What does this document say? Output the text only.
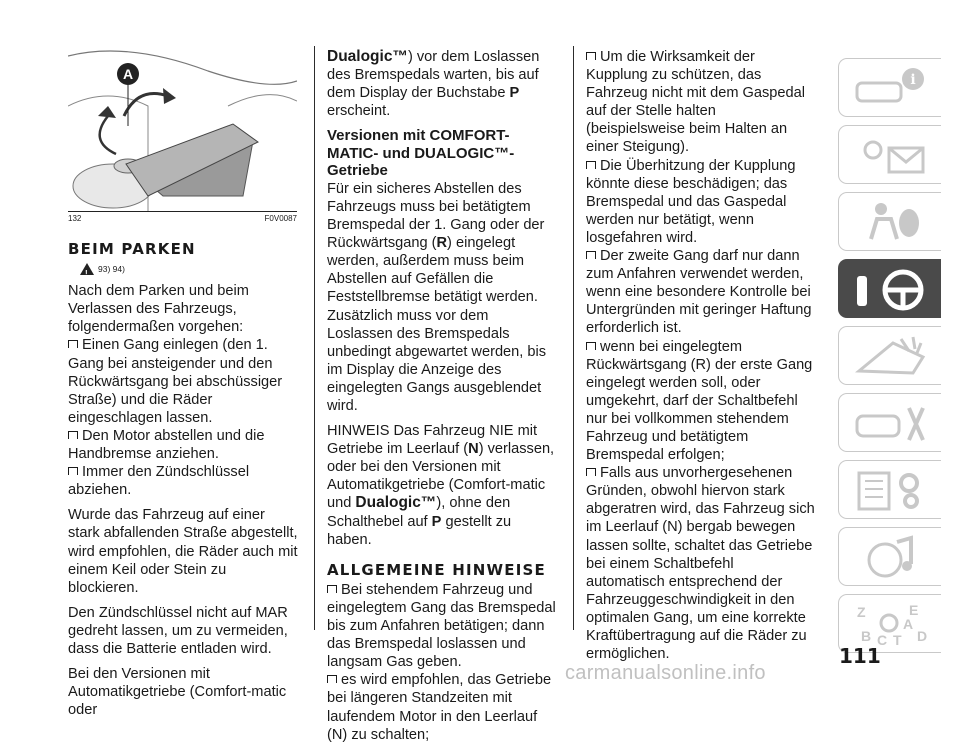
A
132	F0V0087
BEIM PARKEN
!
93) 94)

Nach dem Parken und beim Verlassen des Fahrzeugs, folgendermaßen vorgehen:

Einen Gang einlegen (den 1. Gang bei ansteigender und den Rückwärtsgang bei abschüssiger Straße) und die Räder eingeschlagen lassen.

Den Motor abstellen und die Handbremse anziehen.

Immer den Zündschlüssel abziehen.

Wurde das Fahrzeug auf einer stark abfallenden Straße abgestellt, wird empfohlen, die Räder auch mit einem Keil oder Stein zu blockieren.

Den Zündschlüssel nicht auf MAR gedreht lassen, um zu vermeiden, dass die Batterie entladen wird.

Bei den Versionen mit Automatikgetriebe (Comfort-matic oder

Dualogic™) vor dem Loslassen des Bremspedals warten, bis auf dem Display der Buchstabe P erscheint.

Versionen mit COMFORT-MATIC- und DUALOGIC™-Getriebe

Für ein sicheres Abstellen des Fahrzeugs muss bei betätigtem Bremspedal der 1. Gang oder der Rückwärtsgang (R) eingelegt werden, außerdem muss beim Abstellen auf Gefällen die Feststellbremse betätigt werden. Zusätzlich muss vor dem Loslassen des Bremspedals unbedingt abgewartet werden, bis im Display die Anzeige des eingelegten Gangs ausgeblendet wird.

HINWEIS Das Fahrzeug NIE mit Getriebe im Leerlauf (N) verlassen, oder bei den Versionen mit Automatikgetriebe (Comfort-matic und Dualogic™), ohne den Schalthebel auf P gestellt zu haben.

ALLGEMEINE HINWEISE

Bei stehendem Fahrzeug und eingelegtem Gang das Bremspedal bis zum Anfahren betätigen; dann das Bremspedal loslassen und langsam Gas geben.

es wird empfohlen, das Getriebe bei längeren Standzeiten mit laufendem Motor in den Leerlauf (N) zu schalten;

Um die Wirksamkeit der Kupplung zu schützen, das Fahrzeug nicht mit dem Gaspedal auf der Stelle halten (beispielsweise beim Halten an einer Steigung).

Die Überhitzung der Kupplung könnte diese beschädigen; das Bremspedal und das Gaspedal werden nur betätigt, wenn losgefahren wird.

Der zweite Gang darf nur dann zum Anfahren verwendet werden, wenn eine besondere Kontrolle bei Untergründen mit geringer Haftung erforderlich ist.

wenn bei eingelegtem Rückwärtsgang (R) der erste Gang eingelegt werden soll, oder umgekehrt, darf der Schaltbefehl nur bei vollkommen stehendem Fahrzeug und betätigtem Bremspedal erfolgen;

Falls aus unvorhergesehenen Gründen, obwohl hiervon stark abgeratren wird, das Fahrzeug sich im Leerlauf (N) bergab bewegen lassen sollte, schaltet das Getriebe bei einem Schaltbefehl automatisch entsprechend der Fahrzeuggeschwindigkeit in den optimalen Gang, um eine korrekte Kraftübertragung auf die Räder zu ermöglichen.

i
Z	E
B C T
A
D
111
carmanualsonline.info
